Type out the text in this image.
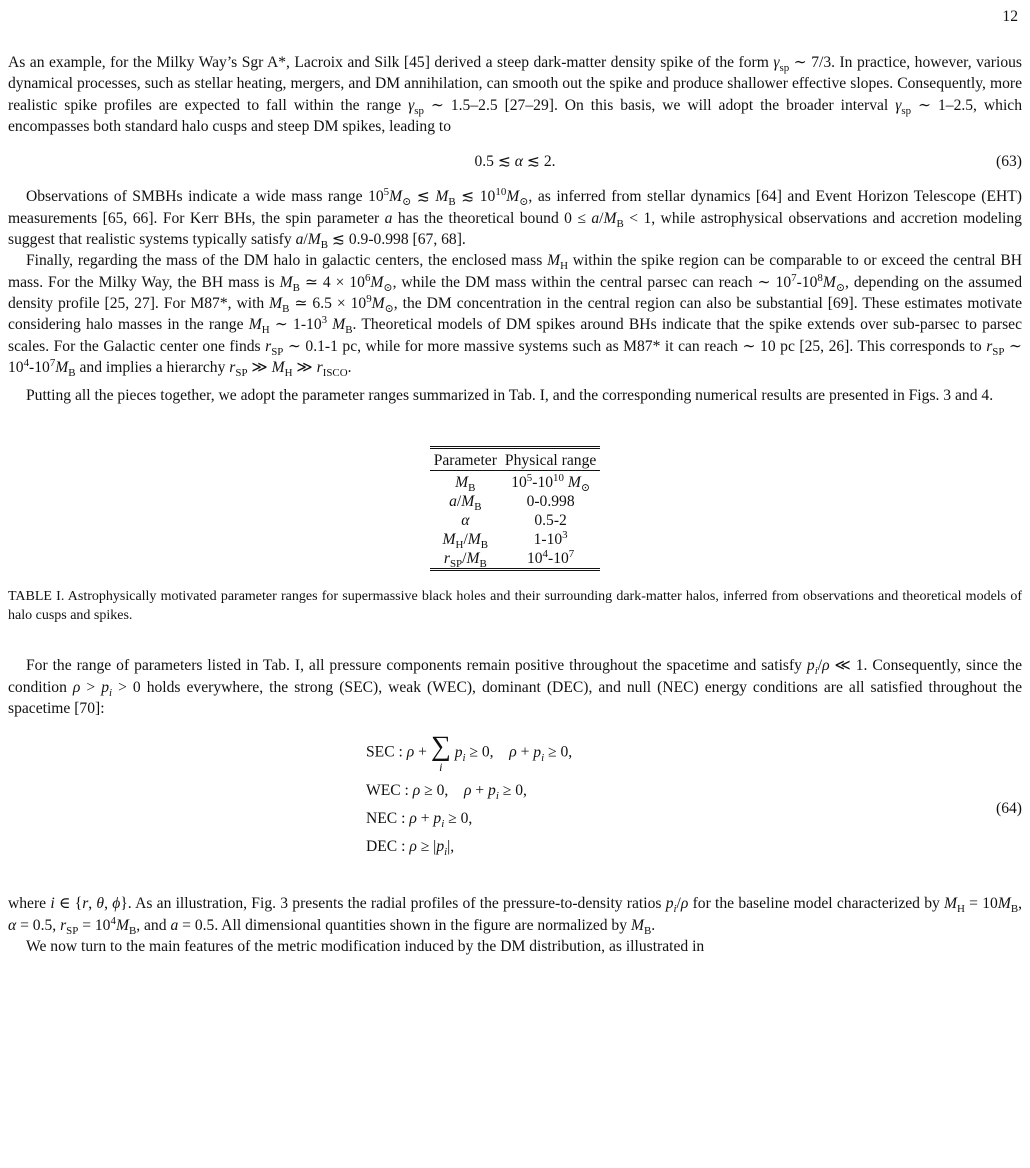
12

As an example, for the Milky Way’s Sgr A*, Lacroix and Silk [45] derived a steep dark-matter density spike of the form $\gamma_{sp}$ ∼ 7/3. In practice, however, various dynamical processes, such as stellar heating, mergers, and DM annihilation, can smooth out the spike and produce shallower effective slopes. Consequently, more realistic spike profiles are expected to fall within the range $\gamma_{sp}$ ∼ 1.5–2.5 [27–29]. On this basis, we will adopt the broader interval $\gamma_{sp}$ ∼ 1–2.5, which encompasses both standard halo cusps and steep DM spikes, leading to

0.5 ≲ α ≲ 2.	(63)

Observations of SMBHs indicate a wide mass range $10^5M_⊙$ ≲ $M_B$ ≲ $10^{10}M_⊙$, as inferred from stellar dynamics [64] and Event Horizon Telescope (EHT) measurements [65, 66]. For Kerr BHs, the spin parameter a has the theoretical bound $0 \le a/M_B < 1$, while astrophysical observations and accretion modeling suggest that realistic systems typically satisfy $a/M_B$ ≲ 0.9-0.998 [67, 68].

Finally, regarding the mass of the DM halo in galactic centers, the enclosed mass $M_H$ within the spike region can be comparable to or exceed the central BH mass. For the Milky Way, the BH mass is $M_B$ ≃ $4 \times 10^6M_⊙$, while the DM mass within the central parsec can reach ∼ $10^7-10^8M_⊙$, depending on the assumed density profile [25, 27]. For M87*, with $M_B$ ≃ $6.5 \times 10^9M_⊙$, the DM concentration in the central region can also be substantial [69]. These estimates motivate considering halo masses in the range $M_H$ ∼ $1-10^3$ $M_B$. Theoretical models of DM spikes around BHs indicate that the spike extends over sub-parsec to parsec scales. For the Galactic center one finds $r_{SP}$ ∼ 0.1-1 pc, while for more massive systems such as M87* it can reach ∼ 10 pc [25, 26]. This corresponds to $r_{SP}$ ∼ $10^4-10^7M_B$ and implies a hierarchy $r_{SP}$ ≫ $M_H$ ≫ $r_{ISCO}$.

Putting all the pieces together, we adopt the parameter ranges summarized in Tab. I, and the corresponding numerical results are presented in Figs. 3 and 4.

Parameter	Physical range
$M_B$	$10^5-10^{10}$ $M_⊙$
$a/M_B$	0-0.998
α	0.5-2
$M_H/M_B$	$1-10^3$
$r_{SP}/M_B$	$10^4-10^7$
TABLE I. Astrophysically motivated parameter ranges for supermassive black holes and their surrounding dark-matter halos, inferred from observations and theoretical models of halo cusps and spikes.

For the range of parameters listed in Tab. I, all pressure components remain positive throughout the spacetime and satisfy $p_i/\rho$ ≪ 1. Consequently, since the condition $\rho > p_i > 0$ holds everywhere, the strong (SEC), weak (WEC), dominant (DEC), and null (NEC) energy conditions are all satisfied throughout the spacetime [70]:

SEC : ρ + ∑
i
$p_i \ge 0$,    $\rho + p_i \ge 0$,
WEC : ρ ≥ 0,    $\rho + p_i \ge 0$,
NEC : $\rho + p_i \ge 0$,
DEC : $\rho \ge |p_i|$,
(64)

where i ∈ {r, θ, ϕ}. As an illustration, Fig. 3 presents the radial profiles of the pressure-to-density ratios $p_i/\rho$ for the baseline model characterized by $M_H = 10M_B$, α = 0.5, $r_{SP} = 10^4M_B$, and a = 0.5. All dimensional quantities shown in the figure are normalized by $M_B$.

We now turn to the main features of the metric modification induced by the DM distribution, as illustrated in
